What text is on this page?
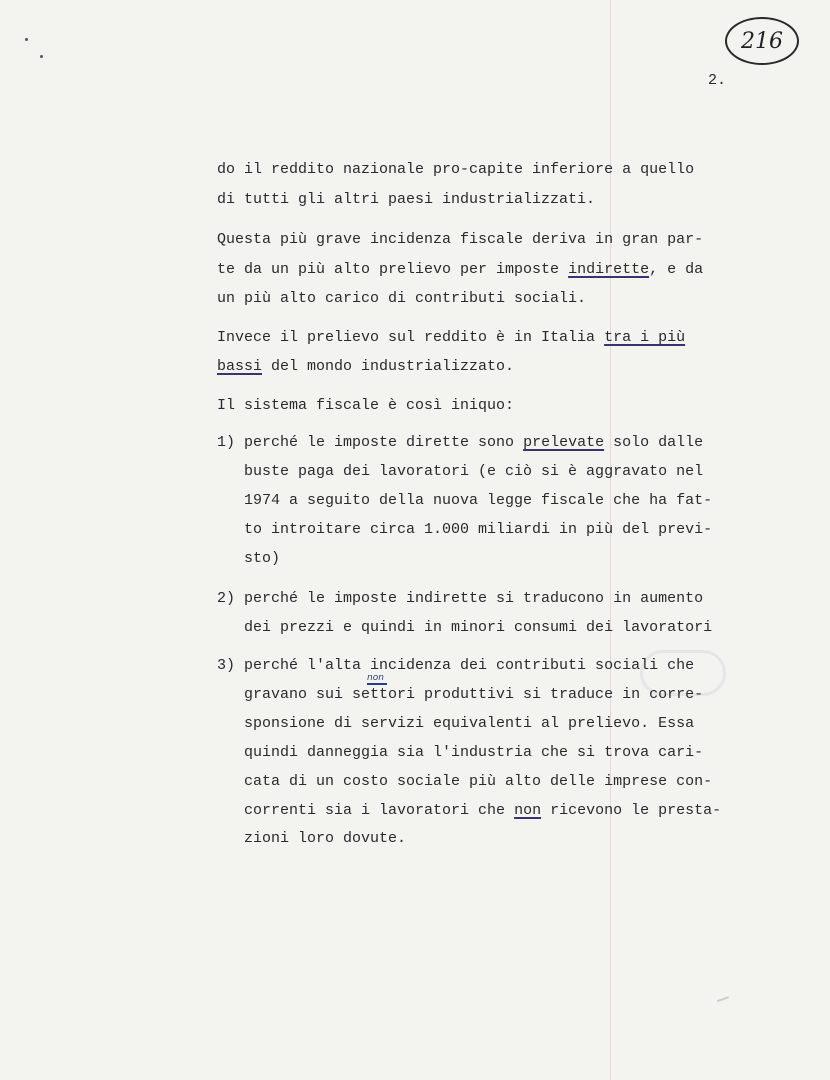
216
2.
do il reddito nazionale pro-capite inferiore a quello
di tutti gli altri paesi industrializzati.
Questa più grave incidenza fiscale deriva in gran par-
te da un più alto prelievo per imposte indirette, e da
un più alto carico di contributi sociali.
Invece il prelievo sul reddito è in Italia tra i più
bassi del mondo industrializzato.
Il sistema fiscale è così iniquo:
1) perché le imposte dirette sono prelevate solo dalle
buste paga dei lavoratori (e ciò si è aggravato nel
1974 a seguito della nuova legge fiscale che ha fat-
to introitare circa 1.000 miliardi in più del previ-
sto)
2) perché le imposte indirette si traducono in aumento
dei prezzi e quindi in minori consumi dei lavoratori
3) perché l'alta incidenza dei contributi sociali che
non
gravano sui settori produttivi si traduce in corre-
sponsione di servizi equivalenti al prelievo. Essa
quindi danneggia sia l'industria che si trova cari-
cata di un costo sociale più alto delle imprese con-
correnti sia i lavoratori che non ricevono le presta-
zioni loro dovute.
